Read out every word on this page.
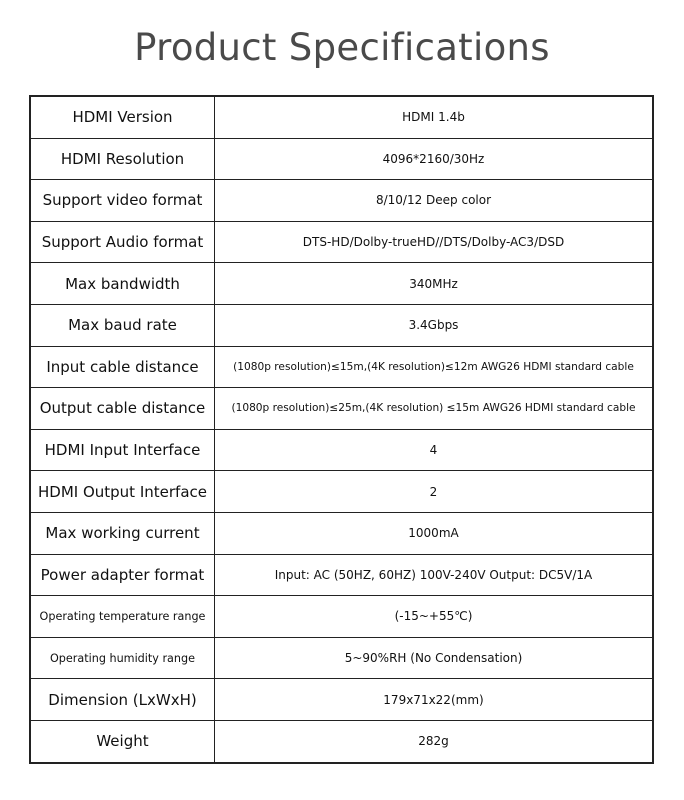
Product Specifications
HDMI Version	HDMI 1.4b
HDMI Resolution	4096*2160/30Hz
Support video format	8/10/12 Deep color
Support Audio format	DTS-HD/Dolby-trueHD//DTS/Dolby-AC3/DSD
Max bandwidth	340MHz
Max baud rate	3.4Gbps
Input cable distance	(1080p resolution)≤15m,(4K resolution)≤12m AWG26 HDMI standard cable
Output cable distance	(1080p resolution)≤25m,(4K resolution) ≤15m AWG26 HDMI standard cable
HDMI Input Interface	4
HDMI Output Interface	2
Max working current	1000mA
Power adapter format	Input: AC (50HZ, 60HZ) 100V-240V Output: DC5V/1A
Operating temperature range	(-15~+55℃)
Operating humidity range	5~90%RH (No Condensation)
Dimension (LxWxH)	179x71x22(mm)
Weight	282g
